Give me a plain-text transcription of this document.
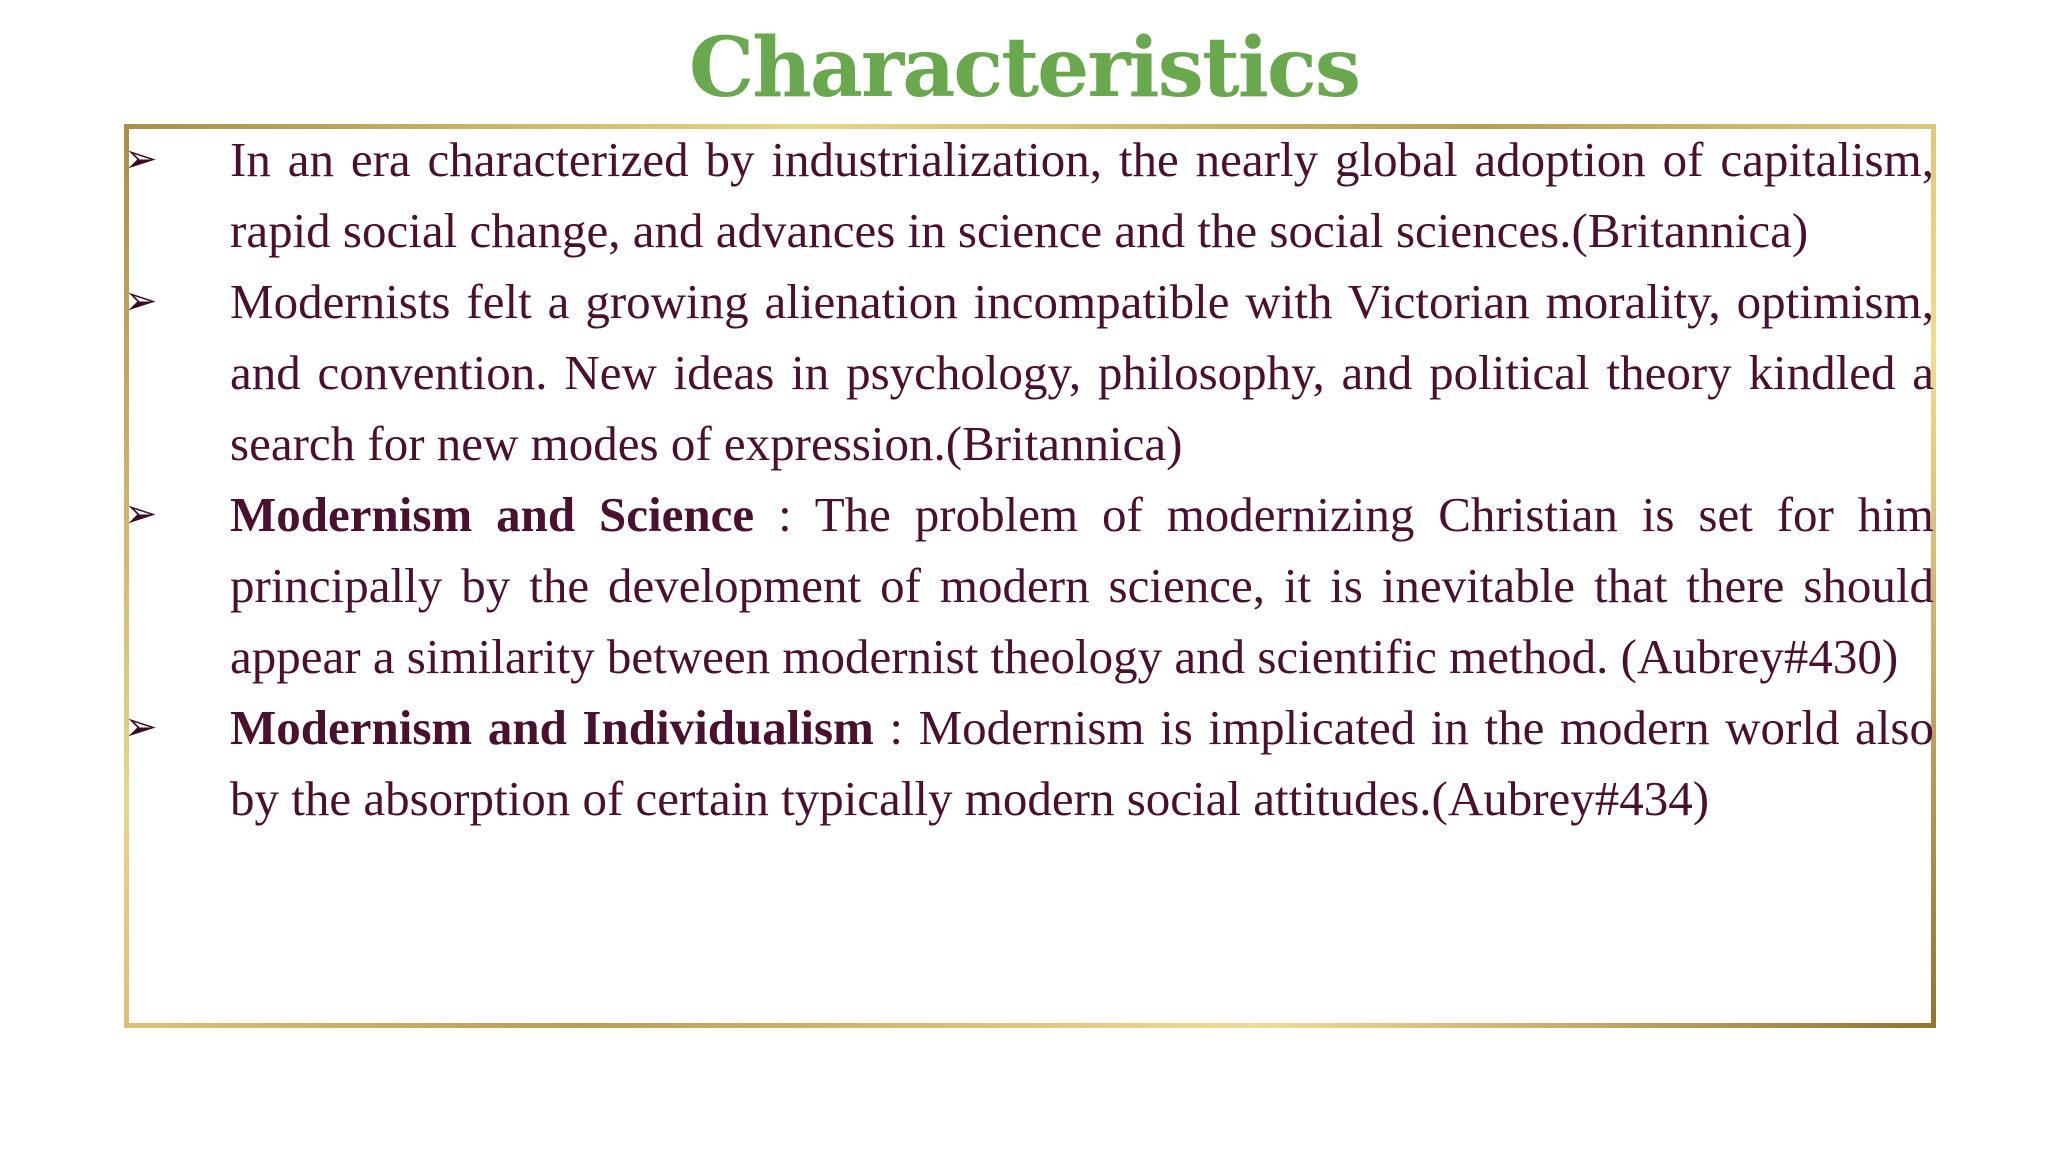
Characteristics
➢ In an era characterized by industrialization, the nearly global adoption of capitalism, rapid social change, and advances in science and the social sciences.(Britannica)
➢ Modernists felt a growing alienation incompatible with Victorian morality, optimism, and convention. New ideas in psychology, philosophy, and political theory kindled a search for new modes of expression.(Britannica)
➢ Modernism and Science : The problem of modernizing Christian is set for him principally by the development of modern science, it is inevitable that there should appear a similarity between modernist theology and scientific method. (Aubrey#430)
➢ Modernism and Individualism : Modernism is implicated in the modern world also by the absorption of certain typically modern social attitudes.(Aubrey#434)
